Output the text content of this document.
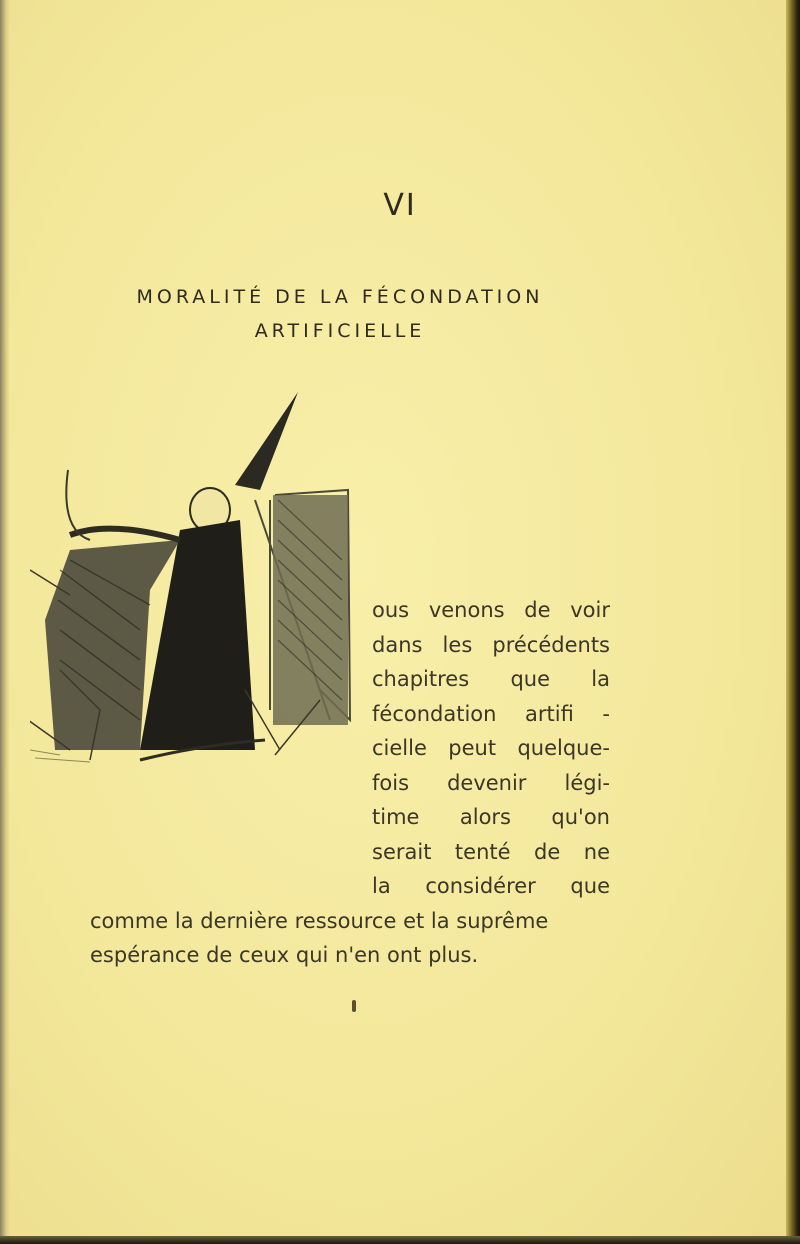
VI
MORALITÉ DE LA FÉCONDATION
ARTIFICIELLE
ous venons de voir
dans les précédents
chapitres que la
fécondation artifi -
cielle peut quelque-
fois devenir légi-
time alors qu'on
serait tenté de ne
la considérer que
comme la dernière ressource et la suprême
espérance de ceux qui n'en ont plus.
